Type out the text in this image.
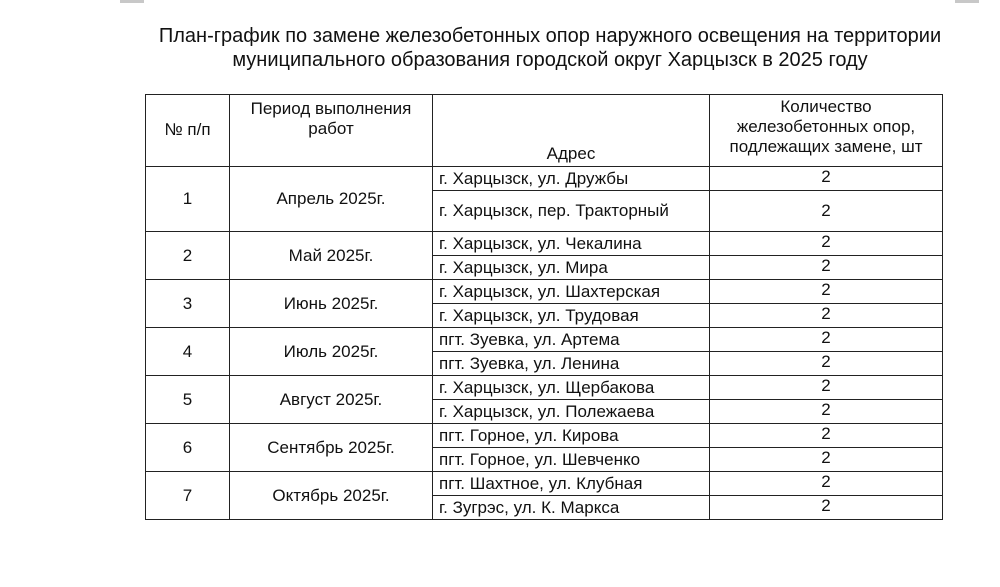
План-график по замене железобетонных опор наружного освещения на территории
муниципального образования городской округ Харцызск в 2025 году
№ п/п	Период выполнения работ	Адрес	Количество железобетонных опор, подлежащих замене, шт
1	Апрель 2025г.	г. Харцызск, ул. Дружбы	2
		г. Харцызск, пер. Тракторный	2
2	Май 2025г.	г. Харцызск, ул. Чекалина	2
		г. Харцызск, ул. Мира	2
3	Июнь 2025г.	г. Харцызск, ул. Шахтерская	2
		г. Харцызск, ул. Трудовая	2
4	Июль 2025г.	пгт. Зуевка, ул. Артема	2
		пгт. Зуевка, ул. Ленина	2
5	Август 2025г.	г. Харцызск, ул. Щербакова	2
		г. Харцызск, ул. Полежаева	2
6	Сентябрь 2025г.	пгт. Горное, ул. Кирова	2
		пгт. Горное, ул. Шевченко	2
7	Октябрь 2025г.	пгт. Шахтное, ул. Клубная	2
		г. Зугрэс, ул. К. Маркса	2
